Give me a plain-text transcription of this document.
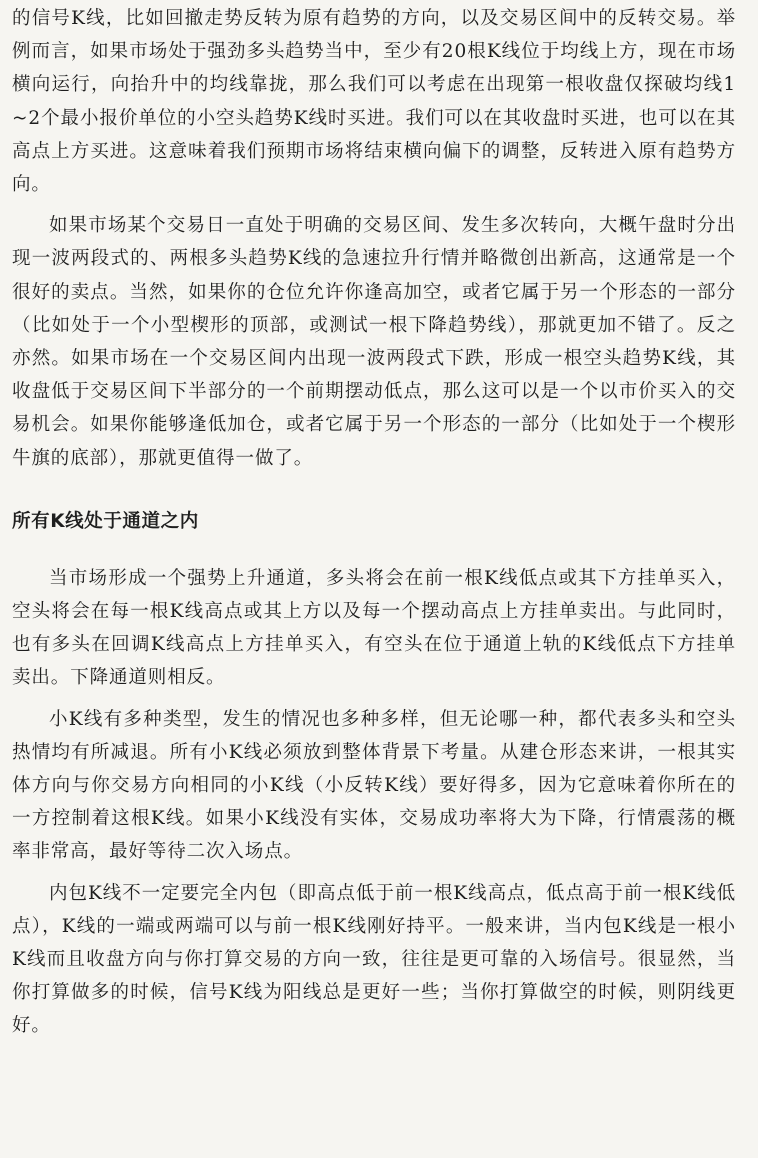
的信号K线，比如回撤走势反转为原有趋势的方向，以及交易区间中的反转交易。举例而言，如果市场处于强劲多头趋势当中，至少有20根K线位于均线上方，现在市场横向运行，向抬升中的均线靠拢，那么我们可以考虑在出现第一根收盘仅探破均线1~2个最小报价单位的小空头趋势K线时买进。我们可以在其收盘时买进，也可以在其高点上方买进。这意味着我们预期市场将结束横向偏下的调整，反转进入原有趋势方向。

如果市场某个交易日一直处于明确的交易区间、发生多次转向，大概午盘时分出现一波两段式的、两根多头趋势K线的急速拉升行情并略微创出新高，这通常是一个很好的卖点。当然，如果你的仓位允许你逢高加空，或者它属于另一个形态的一部分（比如处于一个小型楔形的顶部，或测试一根下降趋势线），那就更加不错了。反之亦然。如果市场在一个交易区间内出现一波两段式下跌，形成一根空头趋势K线，其收盘低于交易区间下半部分的一个前期摆动低点，那么这可以是一个以市价买入的交易机会。如果你能够逢低加仓，或者它属于另一个形态的一部分（比如处于一个楔形牛旗的底部），那就更值得一做了。

所有K线处于通道之内

当市场形成一个强势上升通道，多头将会在前一根K线低点或其下方挂单买入，空头将会在每一根K线高点或其上方以及每一个摆动高点上方挂单卖出。与此同时，也有多头在回调K线高点上方挂单买入，有空头在位于通道上轨的K线低点下方挂单卖出。下降通道则相反。

小K线有多种类型，发生的情况也多种多样，但无论哪一种，都代表多头和空头热情均有所减退。所有小K线必须放到整体背景下考量。从建仓形态来讲，一根其实体方向与你交易方向相同的小K线（小反转K线）要好得多，因为它意味着你所在的一方控制着这根K线。如果小K线没有实体，交易成功率将大为下降，行情震荡的概率非常高，最好等待二次入场点。

内包K线不一定要完全内包（即高点低于前一根K线高点，低点高于前一根K线低点），K线的一端或两端可以与前一根K线刚好持平。一般来讲，当内包K线是一根小K线而且收盘方向与你打算交易的方向一致，往往是更可靠的入场信号。很显然，当你打算做多的时候，信号K线为阳线总是更好一些；当你打算做空的时候，则阴线更好。
